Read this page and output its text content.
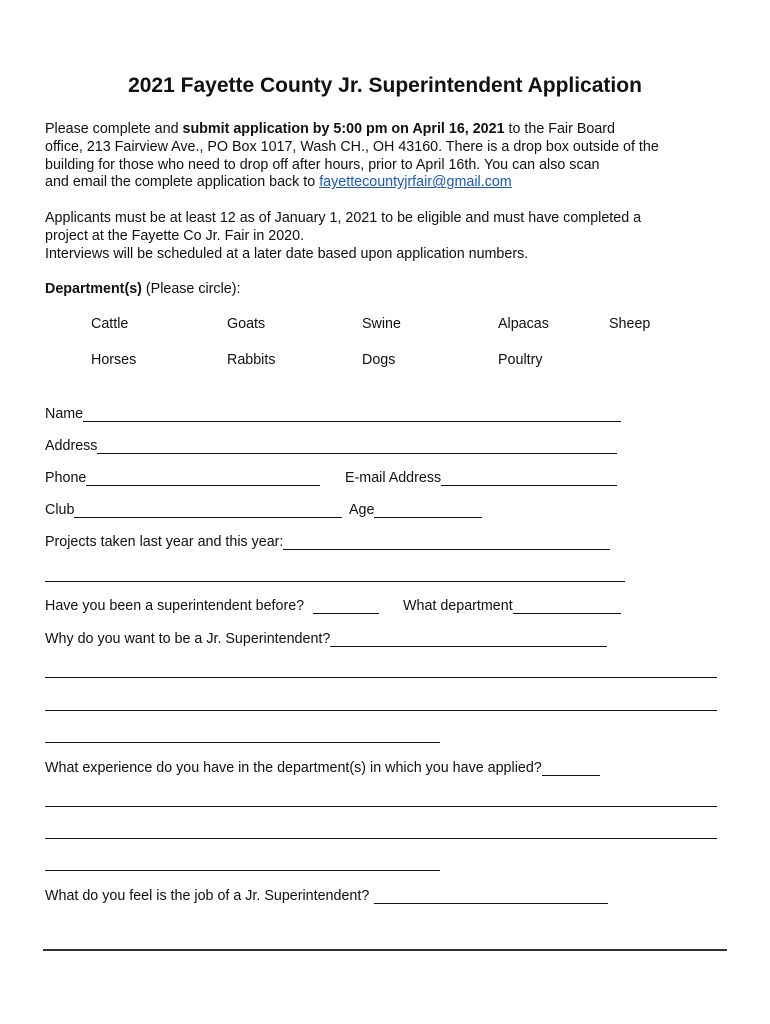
2021 Fayette County Jr. Superintendent Application

Please complete and submit application by 5:00 pm on April 16, 2021 to the Fair Board
office, 213 Fairview Ave., PO Box 1017, Wash CH., OH 43160. There is a drop box outside of the
building for those who need to drop off after hours, prior to April 16th. You can also scan
and email the complete application back to fayettecountyjrfair@gmail.com

Applicants must be at least 12 as of January 1, 2021 to be eligible and must have completed a
project at the Fayette Co Jr. Fair in 2020.
Interviews will be scheduled at a later date based upon application numbers.

Department(s) (Please circle):
Cattle	Goats	Swine	Alpacas	Sheep
Horses	Rabbits	Dogs	Poultry
Name
Address
Phone	E-mail Address
Club	Age
Projects taken last year and this year:
Have you been a superintendent before?	What department
Why do you want to be a Jr. Superintendent?
What experience do you have in the department(s) in which you have applied?
What do you feel is the job of a Jr. Superintendent?
